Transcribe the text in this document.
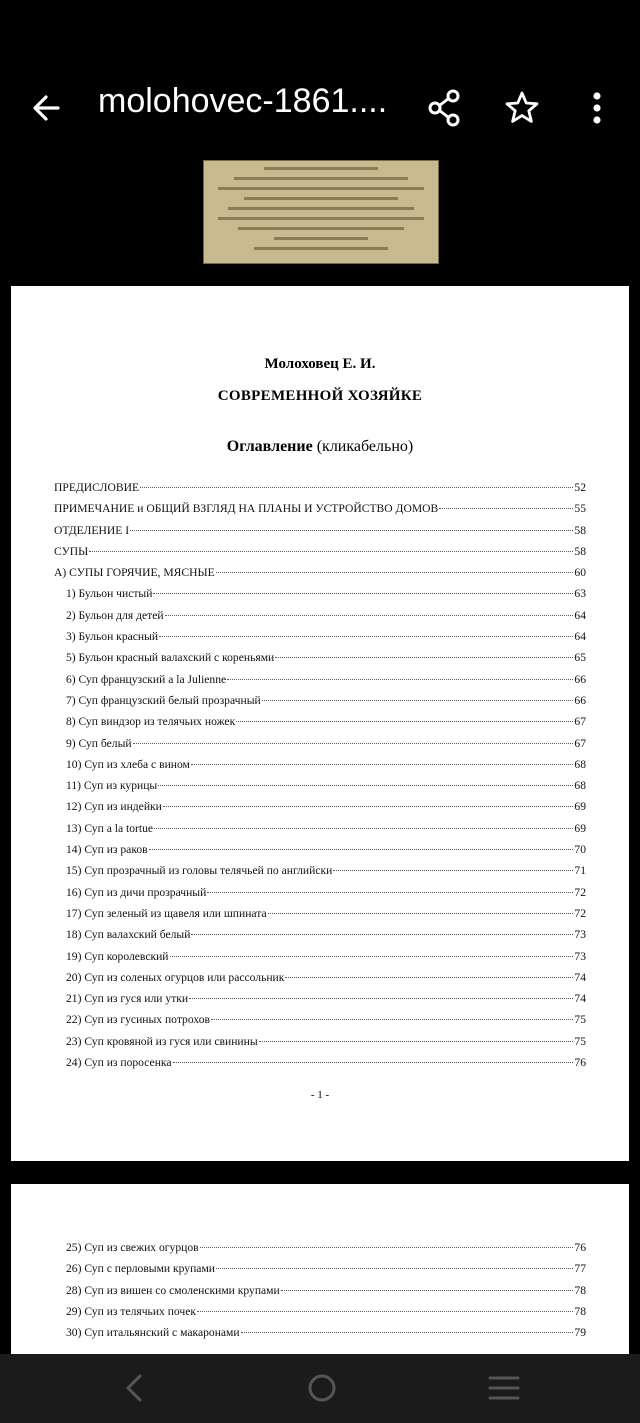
molohovec-1861....
Молоховец Е. И.
СОВРЕМЕННОЙ ХОЗЯЙКЕ
Оглавление (кликабельно)
ПРЕДИСЛОВИЕ	52
ПРИМЕЧАНИЕ и ОБЩИЙ ВЗГЛЯД НА ПЛАНЫ И УСТРОЙСТВО ДОМОВ	55
ОТДЕЛЕНИЕ I	58
СУПЫ	58
А) СУПЫ ГОРЯЧИЕ, МЯСНЫЕ	60
1) Бульон чистый	63
2) Бульон для детей	64
3) Бульон красный	64
5) Бульон красный валахский с кореньями	65
6) Суп французский a la Julienne	66
7) Суп французский белый прозрачный	66
8) Суп виндзор из телячьих ножек	67
9) Суп белый	67
10) Суп из хлеба с вином	68
11) Суп из курицы	68
12) Суп из индейки	69
13) Суп a la tortue	69
14) Суп из раков	70
15) Суп прозрачный из головы телячьей по английски	71
16) Суп из дичи прозрачный	72
17) Суп зеленый из щавеля или шпината	72
18) Суп валахский белый	73
19) Суп королевский	73
20) Суп из соленых огурцов или рассольник	74
21) Суп из гуся или утки	74
22) Суп из гусиных потрохов	75
23) Суп кровяной из гуся или свинины	75
24) Суп из поросенка	76
- 1 -
25) Суп из свежих огурцов	76
26) Суп с перловыми крупами	77
28) Суп из вишен со смоленскими крупами	78
29) Суп из телячьих почек	78
30) Суп итальянский с макаронами	79
